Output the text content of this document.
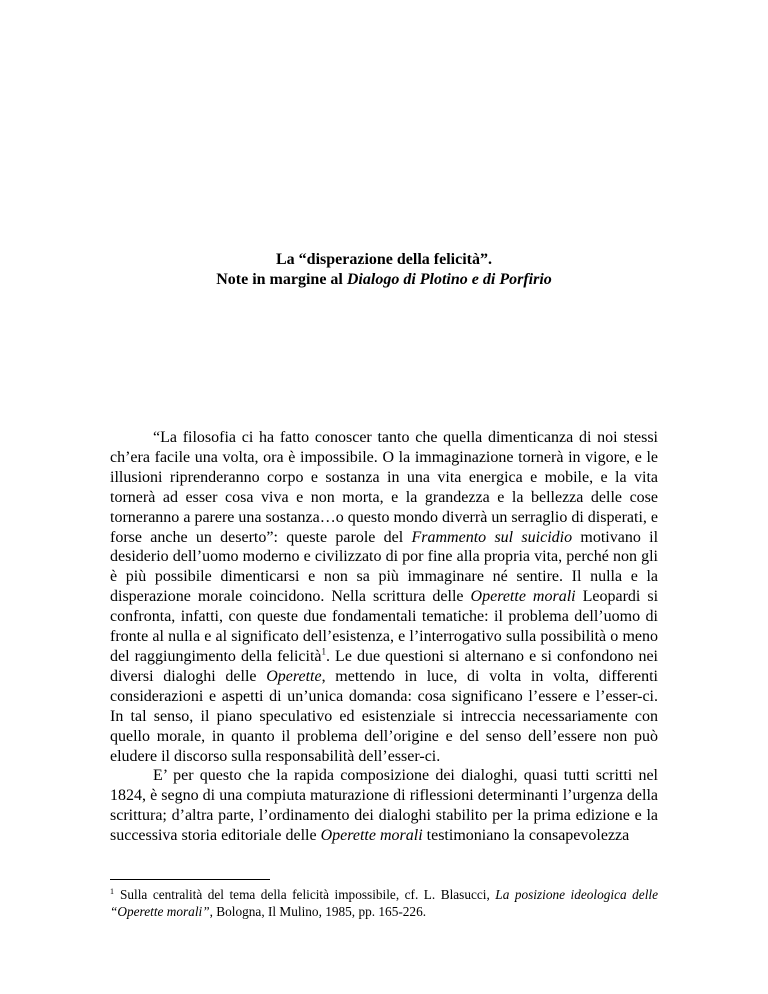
La “disperazione della felicità”.
Note in margine al Dialogo di Plotino e di Porfirio

“La filosofia ci ha fatto conoscer tanto che quella dimenticanza di noi stessi ch’era facile una volta, ora è impossibile. O la immaginazione tornerà in vigore, e le illusioni riprenderanno corpo e sostanza in una vita energica e mobile, e la vita tornerà ad esser cosa viva e non morta, e la grandezza e la bellezza delle cose torneranno a parere una sostanza…o questo mondo diverrà un serraglio di disperati, e forse anche un deserto”: queste parole del Frammento sul suicidio motivano il desiderio dell’uomo moderno e civilizzato di por fine alla propria vita, perché non gli è più possibile dimenticarsi e non sa più immaginare né sentire. Il nulla e la disperazione morale coincidono. Nella scrittura delle Operette morali Leopardi si confronta, infatti, con queste due fondamentali tematiche: il problema dell’uomo di fronte al nulla e al significato dell’esistenza, e l’interrogativo sulla possibilità o meno del raggiungimento della felicità$^1$. Le due questioni si alternano e si confondono nei diversi dialoghi delle Operette, mettendo in luce, di volta in volta, differenti considerazioni e aspetti di un’unica domanda: cosa significano l’essere e l’esser-ci. In tal senso, il piano speculativo ed esistenziale si intreccia necessariamente con quello morale, in quanto il problema dell’origine e del senso dell’essere non può eludere il discorso sulla responsabilità dell’esser-ci.

E’ per questo che la rapida composizione dei dialoghi, quasi tutti scritti nel 1824, è segno di una compiuta maturazione di riflessioni determinanti l’urgenza della scrittura; d’altra parte, l’ordinamento dei dialoghi stabilito per la prima edizione e la successiva storia editoriale delle Operette morali testimoniano la consapevolezza

$^1$ Sulla centralità del tema della felicità impossibile, cf. L. Blasucci, La posizione ideologica delle “Operette morali”, Bologna, Il Mulino, 1985, pp. 165-226.
